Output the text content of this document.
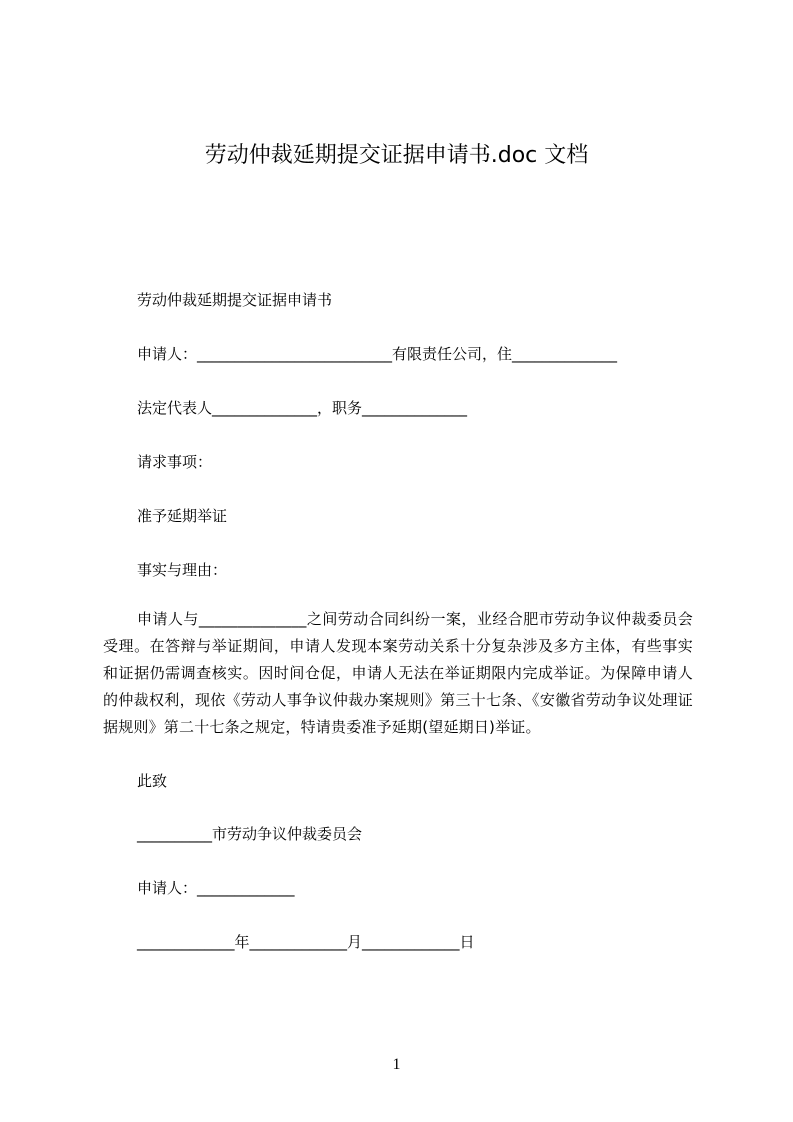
劳动仲裁延期提交证据申请书.doc 文档
劳动仲裁延期提交证据申请书
申请人：__________________________有限责任公司，住______________
法定代表人______________，职务______________
请求事项：
准予延期举证
事实与理由：
申请人与______________之间劳动合同纠纷一案，业经合肥市劳动争议仲裁委员会受理。在答辩与举证期间，申请人发现本案劳动关系十分复杂涉及多方主体，有些事实和证据仍需调查核实。因时间仓促，申请人无法在举证期限内完成举证。为保障申请人的仲裁权利，现依《劳动人事争议仲裁办案规则》第三十七条、《安徽省劳动争议处理证据规则》第二十七条之规定，特请贵委准予延期(望延期日)举证。
此致
__________市劳动争议仲裁委员会
申请人：_____________
_____________年_____________月_____________日
1
